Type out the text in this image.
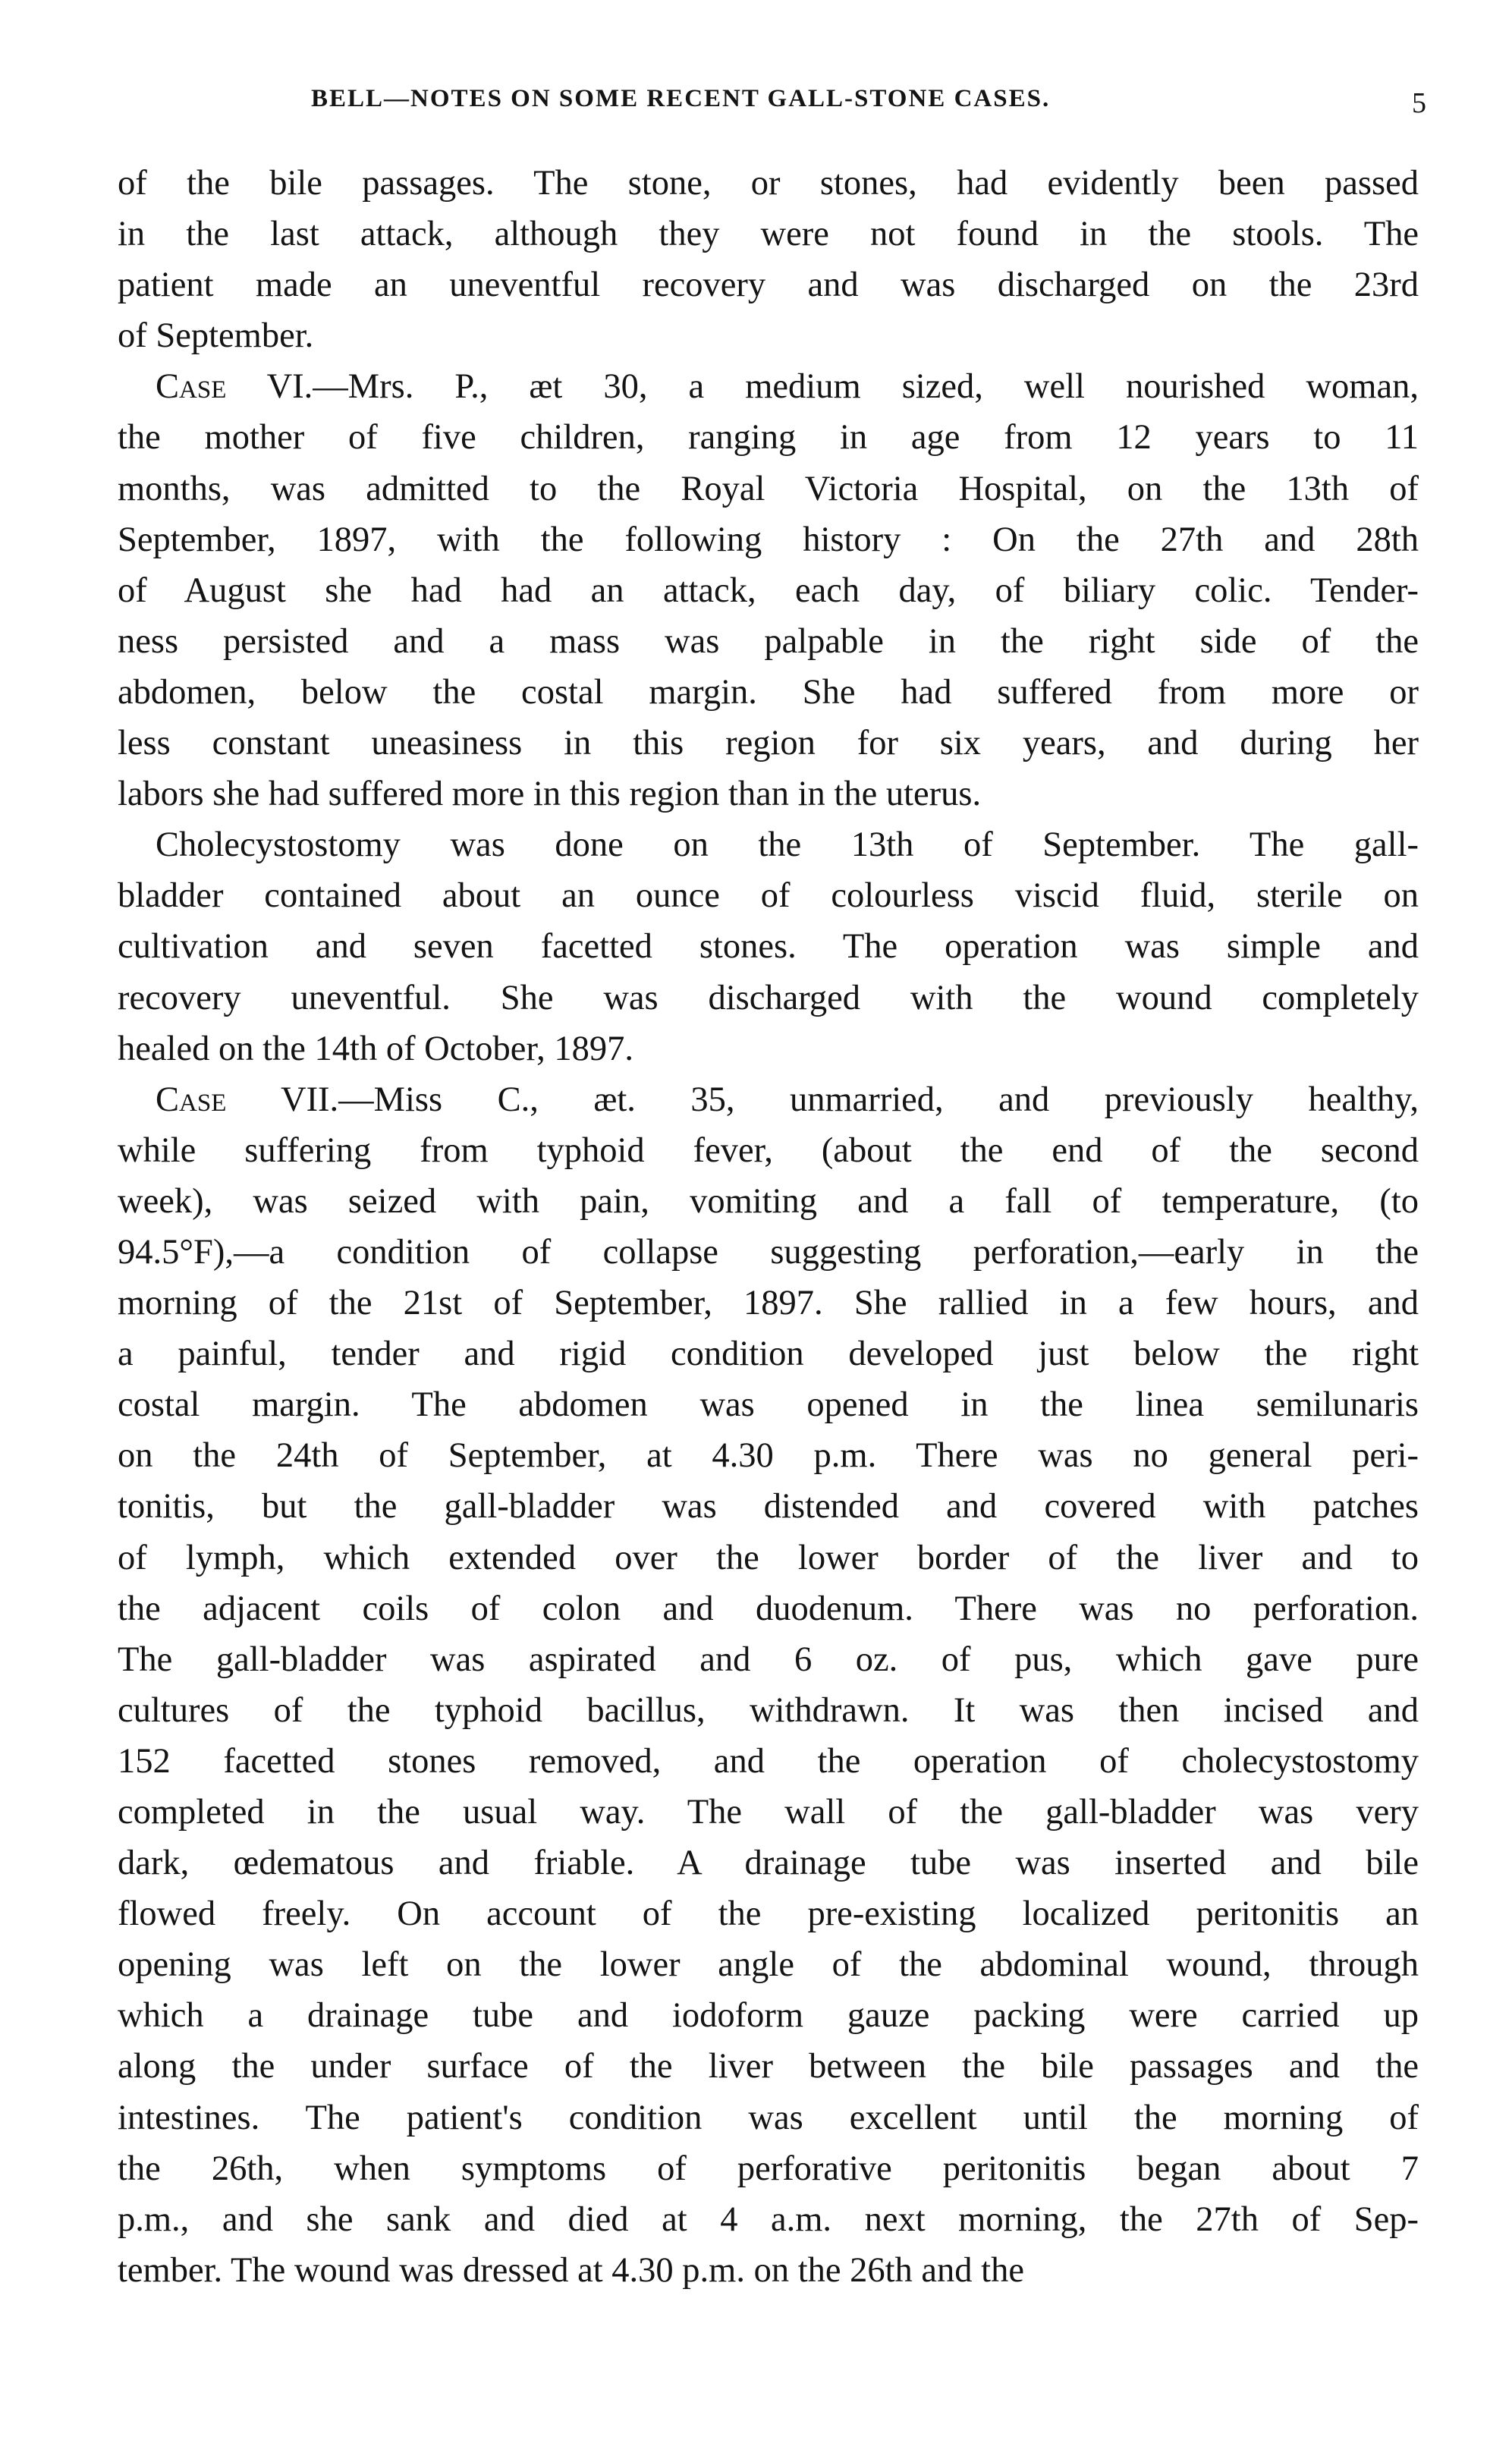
BELL—NOTES ON SOME RECENT GALL-STONE CASES.	5
of the bile passages. The stone, or stones, had evidently been passed
in the last attack, although they were not found in the stools. The
patient made an uneventful recovery and was discharged on the 23rd
of September.
Case VI.—Mrs. P., æt 30, a medium sized, well nourished woman,
the mother of five children, ranging in age from 12 years to 11
months, was admitted to the Royal Victoria Hospital, on the 13th of
September, 1897, with the following history : On the 27th and 28th
of August she had had an attack, each day, of biliary colic. Tender-
ness persisted and a mass was palpable in the right side of the
abdomen, below the costal margin. She had suffered from more or
less constant uneasiness in this region for six years, and during her
labors she had suffered more in this region than in the uterus.
Cholecystostomy was done on the 13th of September. The gall-
bladder contained about an ounce of colourless viscid fluid, sterile on
cultivation and seven facetted stones. The operation was simple and
recovery uneventful. She was discharged with the wound completely
healed on the 14th of October, 1897.
Case VII.—Miss C., æt. 35, unmarried, and previously healthy,
while suffering from typhoid fever, (about the end of the second
week), was seized with pain, vomiting and a fall of temperature, (to
94.5°F),—a condition of collapse suggesting perforation,—early in the
morning of the 21st of September, 1897. She rallied in a few hours, and
a painful, tender and rigid condition developed just below the right
costal margin. The abdomen was opened in the linea semilunaris
on the 24th of September, at 4.30 p.m. There was no general peri-
tonitis, but the gall-bladder was distended and covered with patches
of lymph, which extended over the lower border of the liver and to
the adjacent coils of colon and duodenum. There was no perforation.
The gall-bladder was aspirated and 6 oz. of pus, which gave pure
cultures of the typhoid bacillus, withdrawn. It was then incised and
152 facetted stones removed, and the operation of cholecystostomy
completed in the usual way. The wall of the gall-bladder was very
dark, œdematous and friable. A drainage tube was inserted and bile
flowed freely. On account of the pre-existing localized peritonitis an
opening was left on the lower angle of the abdominal wound, through
which a drainage tube and iodoform gauze packing were carried up
along the under surface of the liver between the bile passages and the
intestines. The patient's condition was excellent until the morning of
the 26th, when symptoms of perforative peritonitis began about 7
p.m., and she sank and died at 4 a.m. next morning, the 27th of Sep-
tember. The wound was dressed at 4.30 p.m. on the 26th and the
